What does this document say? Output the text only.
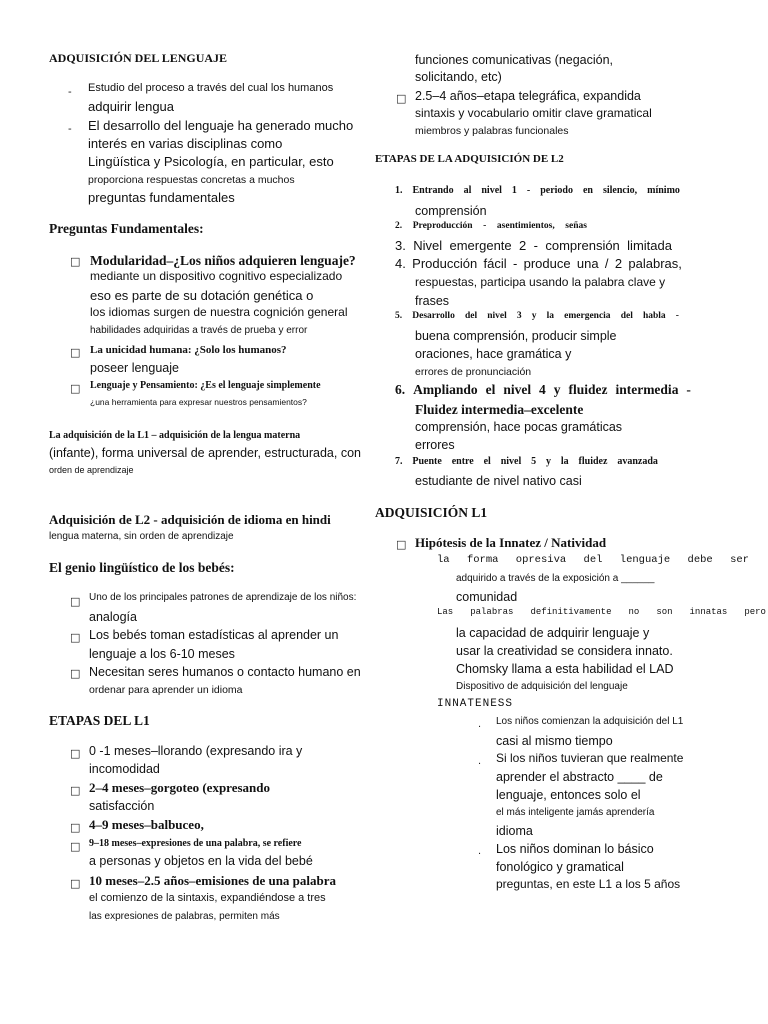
ADQUISICIÓN DEL LENGUAJE
- Estudio del proceso a través del cual los humanos
adquirir lengua
- El desarrollo del lenguaje ha generado mucho
interés en varias disciplinas como
Lingüística y Psicología, en particular, esto
proporciona respuestas concretas a muchos
preguntas fundamentales
Preguntas Fundamentales:
□ Modularidad–¿Los niños adquieren lenguaje?
mediante un dispositivo cognitivo especializado
eso es parte de su dotación genética o
los idiomas surgen de nuestra cognición general
habilidades adquiridas a través de prueba y error
□ La unicidad humana: ¿Solo los humanos?
poseer lenguaje
□ Lenguaje y Pensamiento: ¿Es el lenguaje simplemente
¿una herramienta para expresar nuestros pensamientos?
La adquisición de la L1 – adquisición de la lengua materna
(infante), forma universal de aprender, estructurada, con
orden de aprendizaje
Adquisición de L2 - adquisición de idioma en hindi
lengua materna, sin orden de aprendizaje
El genio lingüístico de los bebés:
□ Uno de los principales patrones de aprendizaje de los niños:
analogía
□ Los bebés toman estadísticas al aprender un
lenguaje a los 6-10 meses
□ Necesitan seres humanos o contacto humano en
ordenar para aprender un idioma
ETAPAS DEL L1
□ 0 -1 meses–llorando (expresando ira y
incomodidad
□ 2–4 meses–gorgoteo (expresando
satisfacción
□ 4–9 meses–balbuceo,
□ 9–18 meses–expresiones de una palabra, se refiere
a personas y objetos en la vida del bebé
□ 10 meses–2.5 años–emisiones de una palabra
el comienzo de la sintaxis, expandiéndose a tres
las expresiones de palabras, permiten más
funciones comunicativas (negación,
solicitando, etc)
□ 2.5–4 años–etapa telegráfica, expandida
sintaxis y vocabulario omitir clave gramatical
miembros y palabras funcionales
ETAPAS DE LA ADQUISICIÓN DE L2
1. Entrando al nivel 1 - periodo en silencio, mínimo
comprensión
2. Preproducción - asentimientos, señas
3. Nivel emergente 2 - comprensión limitada
4. Producción fácil - produce una / 2 palabras,
respuestas, participa usando la palabra clave y
frases
5. Desarrollo del nivel 3 y la emergencia del habla -
buena comprensión, producir simple
oraciones, hace gramática y
errores de pronunciación
6. Ampliando el nivel 4 y fluidez intermedia -
Fluidez intermedia–excelente
comprensión, hace pocas gramáticas
errores
7. Puente entre el nivel 5 y la fluidez avanzada
estudiante de nivel nativo casi
ADQUISICIÓN L1
□ Hipótesis de la Innatez / Natividad
la forma opresiva del lenguaje debe ser
adquirido a través de la exposición a ______
comunidad
Las palabras definitivamente no son innatas pero
la capacidad de adquirir lenguaje y
usar la creatividad se considera innato.
Chomsky llama a esta habilidad el LAD
Dispositivo de adquisición del lenguaje
INNATENESS
. Los niños comienzan la adquisición del L1
casi al mismo tiempo
. Si los niños tuvieran que realmente
aprender el abstracto ____ de
lenguaje, entonces solo el
el más inteligente jamás aprendería
idioma
. Los niños dominan lo básico
fonológico y gramatical
preguntas, en este L1 a los 5 años
